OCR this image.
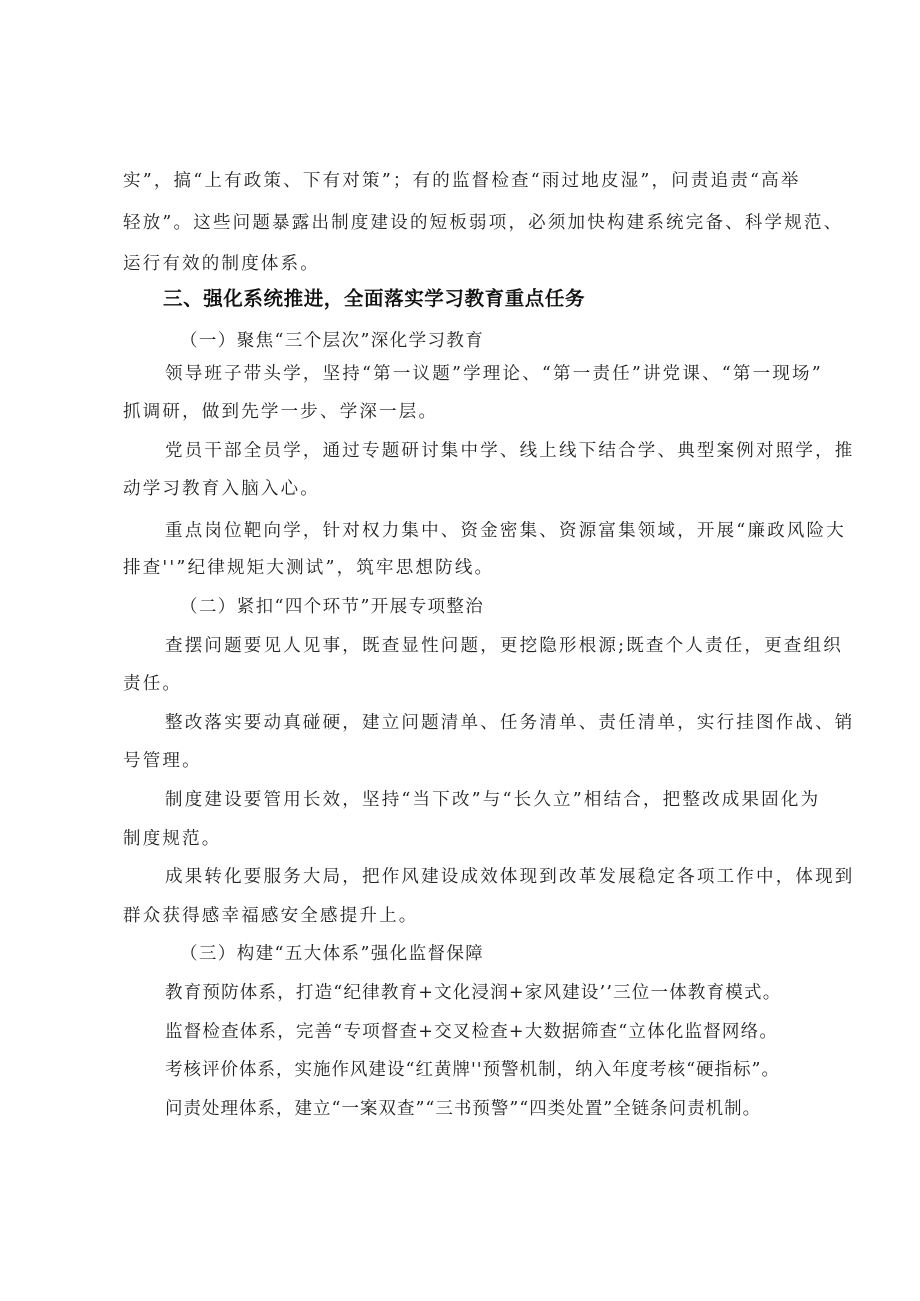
实”，搞“上有政策、下有对策”；有的监督检查“雨过地皮湿”，问责追责“高举
轻放”。这些问题暴露出制度建设的短板弱项，必须加快构建系统完备、科学规范、
运行有效的制度体系。
三、强化系统推进，全面落实学习教育重点任务
（一）聚焦“三个层次”深化学习教育
领导班子带头学，坚持“第一议题”学理论、“第一责任”讲党课、“第一现场”
抓调研，做到先学一步、学深一层。
党员干部全员学，通过专题研讨集中学、线上线下结合学、典型案例对照学，推
动学习教育入脑入心。
重点岗位靶向学，针对权力集中、资金密集、资源富集领域，开展“廉政风险大
排查''”纪律规矩大测试”，筑牢思想防线。
（二）紧扣“四个环节”开展专项整治
查摆问题要见人见事，既查显性问题，更挖隐形根源;既查个人责任，更查组织
责任。
整改落实要动真碰硬，建立问题清单、任务清单、责任清单，实行挂图作战、销
号管理。
制度建设要管用长效，坚持“当下改”与“长久立”相结合，把整改成果固化为
制度规范。
成果转化要服务大局，把作风建设成效体现到改革发展稳定各项工作中，体现到
群众获得感幸福感安全感提升上。
（三）构建“五大体系”强化监督保障
教育预防体系，打造“纪律教育+文化浸润+家风建设’’三位一体教育模式。
监督检查体系，完善“专项督查+交叉检查+大数据筛查“立体化监督网络。
考核评价体系，实施作风建设“红黄牌''预警机制，纳入年度考核“硬指标”。
问责处理体系，建立“一案双查”“三书预警”“四类处置”全链条问责机制。
